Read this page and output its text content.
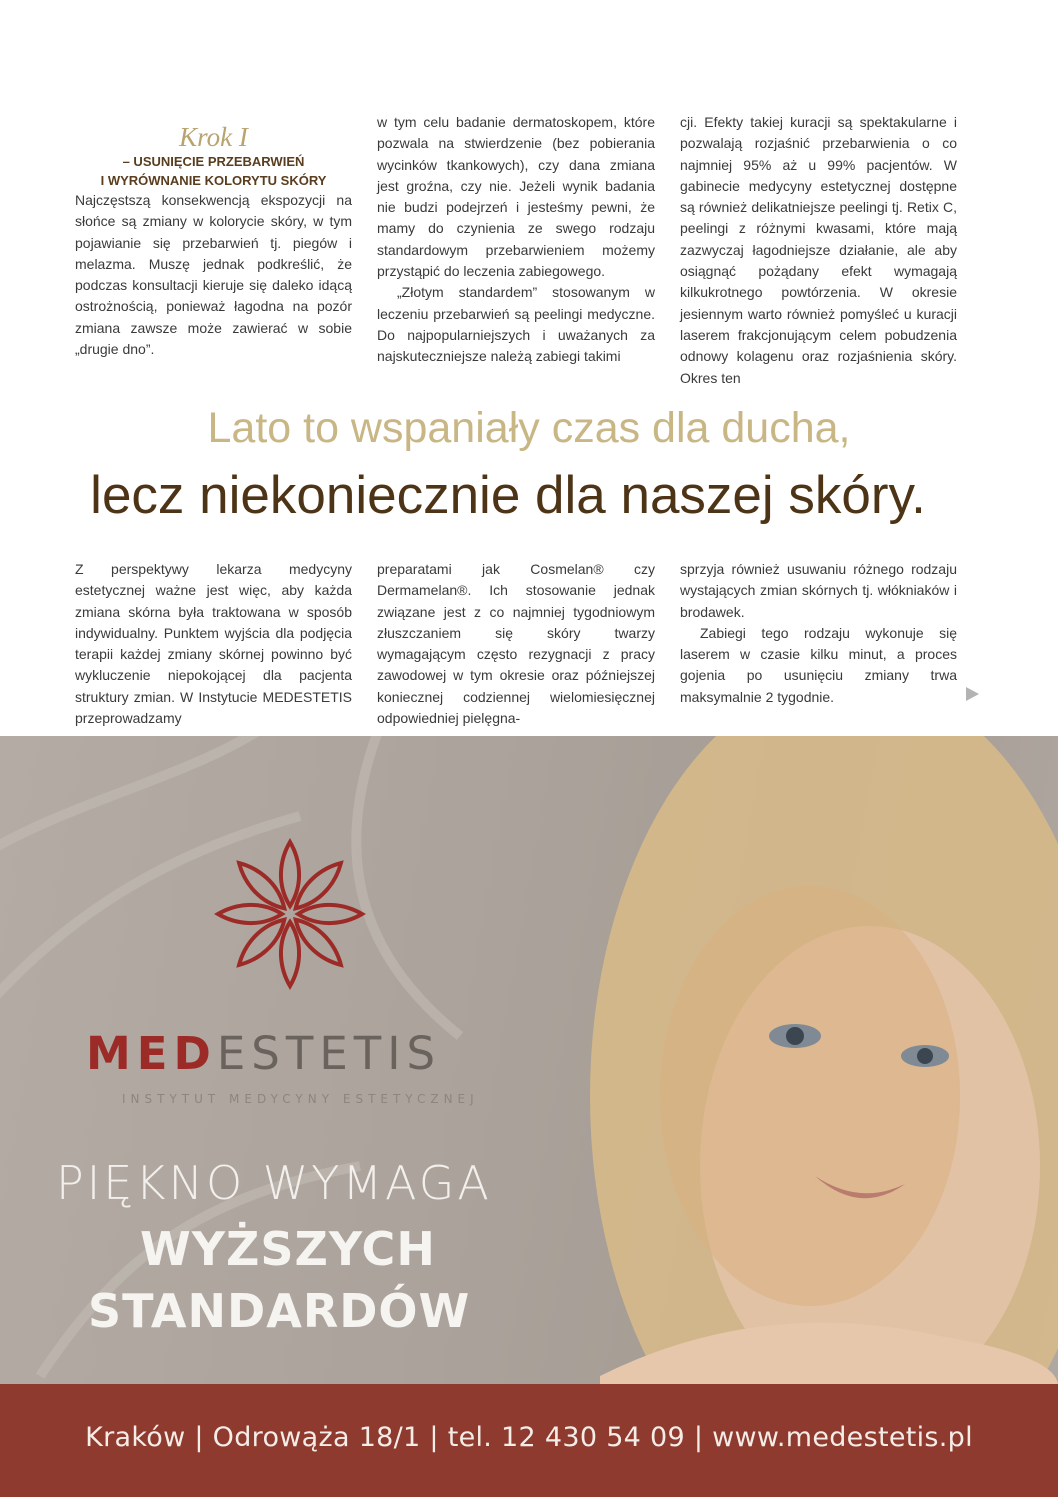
Krok I

– USUNIĘCIE PRZEBARWIEŃ
I WYRÓWNANIE KOLORYTU SKÓRY

Najczęstszą konsekwencją ekspozycji na słońce są zmiany w kolorycie skóry, w tym pojawianie się przebarwień tj. piegów i melazma. Muszę jednak podkreślić, że podczas konsultacji kieruje się daleko idącą ostrożnością, ponieważ łagodna na pozór zmiana zawsze może zawierać w sobie „drugie dno”.

w tym celu badanie dermatoskopem, które pozwala na stwierdzenie (bez pobierania wycinków tkankowych), czy dana zmiana jest groźna, czy nie. Jeżeli wynik badania nie budzi podejrzeń i jesteśmy pewni, że mamy do czynienia ze swego rodzaju standardowym przebarwieniem możemy przystąpić do leczenia zabiegowego.

„Złotym standardem” stosowanym w leczeniu przebarwień są peelingi medyczne. Do najpopularniejszych i uważanych za najskuteczniejsze należą zabiegi takimi

cji. Efekty takiej kuracji są spektakularne i pozwalają rozjaśnić przebarwienia o co najmniej 95% aż u 99% pacjentów. W gabinecie medycyny estetycznej dostępne są również delikatniejsze peelingi tj. Retix C, peelingi z różnymi kwasami, które mają zazwyczaj łagodniejsze działanie, ale aby osiągnąć pożądany efekt wymagają kilkukrotnego powtórzenia. W okresie jesiennym warto również pomyśleć u kuracji laserem frakcjonującym celem pobudzenia odnowy kolagenu oraz rozjaśnienia skóry. Okres ten

Lato to wspaniały czas dla ducha,
lecz niekoniecznie dla naszej skóry.

Z perspektywy lekarza medycyny estetycznej ważne jest więc, aby każda zmiana skórna była traktowana w sposób indywidualny. Punktem wyjścia dla podjęcia terapii każdej zmiany skórnej powinno być wykluczenie niepokojącej dla pacjenta struktury zmian. W Instytucie MEDESTETIS przeprowadzamy

preparatami jak Cosmelan® czy Dermamelan®. Ich stosowanie jednak związane jest z co najmniej tygodniowym złuszczaniem się skóry twarzy wymagającym często rezygnacji z pracy zawodowej w tym okresie oraz późniejszej koniecznej codziennej wielomiesięcznej odpowiedniej pielęgna-

sprzyja również usuwaniu różnego rodzaju wystających zmian skórnych tj. włókniaków i brodawek.

Zabiegi tego rodzaju wykonuje się laserem w czasie kilku minut, a proces gojenia po usunięciu zmiany trwa maksymalnie 2 tygodnie.

MEDESTETIS
INSTYTUT MEDYCYNY ESTETYCZNEJ
PIĘKNO WYMAGA
WYŻSZYCH
STANDARDÓW
Kraków | Odrowąża 18/1 | tel. 12 430 54 09 | www.medestetis.pl
